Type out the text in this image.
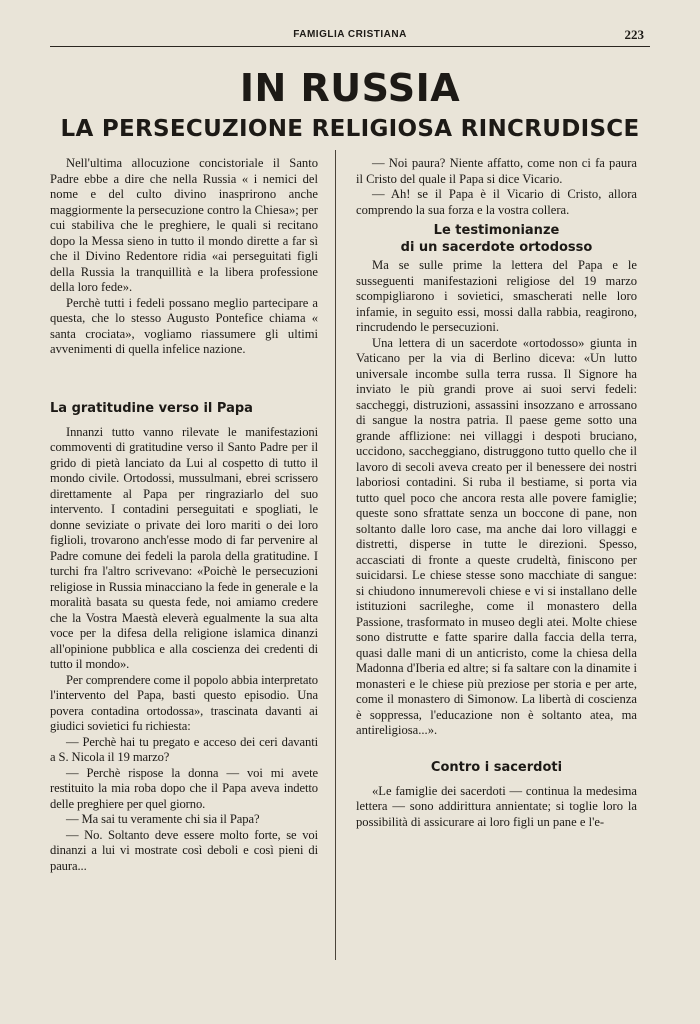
FAMIGLIA CRISTIANA	223
IN RUSSIA
LA PERSECUZIONE RELIGIOSA RINCRUDISCE

Nell'ultima allocuzione concistoriale il Santo Padre ebbe a dire che nella Russia « i nemici del nome e del culto divino inasprirono anche maggiormente la persecuzione contro la Chiesa»; per cui stabiliva che le preghiere, le quali si recitano dopo la Messa sieno in tutto il mondo dirette a far sì che il Divino Redentore ridia «ai perseguitati figli della Russia la tranquillità e la libera professione della loro fede».

Perchè tutti i fedeli possano meglio partecipare a questa, che lo stesso Augusto Pontefice chiama « santa crociata», vogliamo riassumere gli ultimi avvenimenti di quella infelice nazione.

La gratitudine verso il Papa

Innanzi tutto vanno rilevate le manifestazioni commoventi di gratitudine verso il Santo Padre per il grido di pietà lanciato da Lui al cospetto di tutto il mondo civile. Ortodossi, mussulmani, ebrei scrissero direttamente al Papa per ringraziarlo del suo intervento. I contadini perseguitati e spogliati, le donne seviziate o private dei loro mariti o dei loro figlioli, trovarono anch'esse modo di far pervenire al Padre comune dei fedeli la parola della gratitudine. I turchi fra l'altro scrivevano: «Poichè le persecuzioni religiose in Russia minacciano la fede in generale e la moralità basata su questa fede, noi amiamo credere che la Vostra Maestà eleverà egualmente la sua alta voce per la difesa della religione islamica dinanzi all'opinione pubblica e alla coscienza dei credenti di tutto il mondo».

Per comprendere come il popolo abbia interpretato l'intervento del Papa, basti questo episodio. Una povera contadina ortodossa», trascinata davanti ai giudici sovietici fu richiesta:

— Perchè hai tu pregato e acceso dei ceri davanti a S. Nicola il 19 marzo?

— Perchè rispose la donna — voi mi avete restituito la mia roba dopo che il Papa aveva indetto delle preghiere per quel giorno.

— Ma sai tu veramente chi sia il Papa?

— No. Soltanto deve essere molto forte, se voi dinanzi a lui vi mostrate così deboli e così pieni di paura...

— Noi paura? Niente affatto, come non ci fa paura il Cristo del quale il Papa si dice Vicario.

— Ah! se il Papa è il Vicario di Cristo, allora comprendo la sua forza e la vostra collera.

Le testimonianze
di un sacerdote ortodosso

Ma se sulle prime la lettera del Papa e le susseguenti manifestazioni religiose del 19 marzo scompigliarono i sovietici, smascherati nelle loro infamie, in seguito essi, mossi dalla rabbia, reagirono, rincrudendo le persecuzioni.

Una lettera di un sacerdote «ortodosso» giunta in Vaticano per la via di Berlino diceva: «Un lutto universale incombe sulla terra russa. Il Signore ha inviato le più grandi prove ai suoi servi fedeli: saccheggi, distruzioni, assassini insozzano e arrossano di sangue la nostra patria. Il paese geme sotto una grande afflizione: nei villaggi i despoti bruciano, uccidono, saccheggiano, distruggono tutto quello che il lavoro di secoli aveva creato per il benessere dei nostri laboriosi contadini. Si ruba il bestiame, si porta via tutto quel poco che ancora resta alle povere famiglie; queste sono sfrattate senza un boccone di pane, non soltanto dalle loro case, ma anche dai loro villaggi e distretti, disperse in tutte le direzioni. Spesso, accasciati di fronte a queste crudeltà, finiscono per suicidarsi. Le chiese stesse sono macchiate di sangue: si chiudono innumerevoli chiese e vi si installano delle istituzioni sacrileghe, come il monastero della Passione, trasformato in museo degli atei. Molte chiese sono distrutte e fatte sparire dalla faccia della terra, quasi dalle mani di un anticristo, come la chiesa della Madonna d'Iberia ed altre; si fa saltare con la dinamite i monasteri e le chiese più preziose per storia e per arte, come il monastero di Simonow. La libertà di coscienza è soppressa, l'educazione non è soltanto atea, ma antireligiosa...».

Contro i sacerdoti

«Le famiglie dei sacerdoti — continua la medesima lettera — sono addirittura annientate; si toglie loro la possibilità di assicurare ai loro figli un pane e l'e-
